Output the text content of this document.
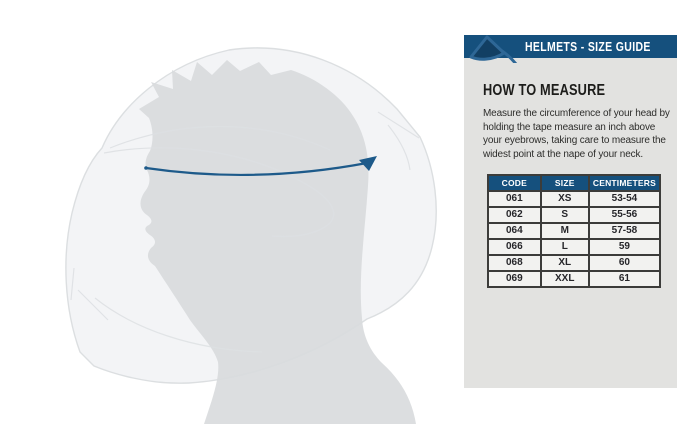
HELMETS - SIZE GUIDE
HOW TO MEASURE

Measure the circumference of your head by holding the tape measure an inch above your eyebrows, taking care to measure the widest point at the nape of your neck.

CODE	SIZE	CENTIMETERS
061	XS	53-54
062	S	55-56
064	M	57-58
066	L	59
068	XL	60
069	XXL	61
